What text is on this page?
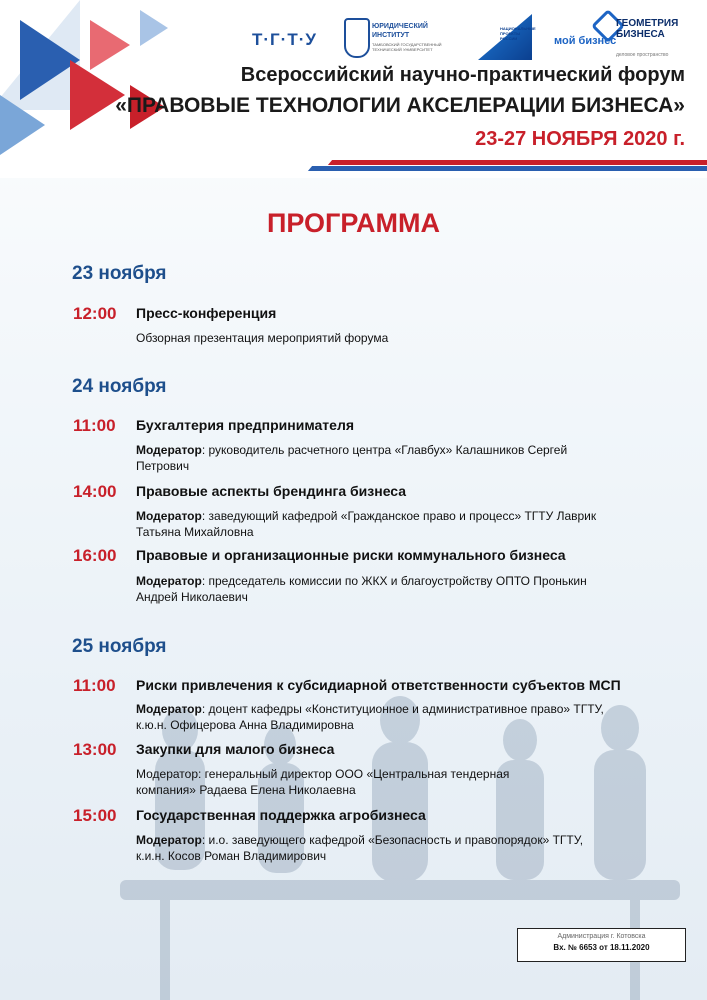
Т·Г·Т·У
ЮРИДИЧЕСКИЙ
ИНСТИТУТ
ТАМБОВСКИЙ ГОСУДАРСТВЕННЫЙ ТЕХНИЧЕСКИЙ УНИВЕРСИТЕТ
НАЦИОНАЛЬНЫЕ ПРОЕКТЫ РОССИИ	мой бизнес
ГЕОМЕТРИЯ
БИЗНЕСА
деловое пространство
Всероссийский научно-практический форум
«ПРАВОВЫЕ ТЕХНОЛОГИИ АКСЕЛЕРАЦИИ БИЗНЕСА»
23-27 НОЯБРЯ 2020 г.
ПРОГРАММА
23 ноября
12:00 Пресс-конференция
Обзорная презентация мероприятий форума
24 ноября
11:00 Бухгалтерия предпринимателя
Модератор: руководитель расчетного центра «Главбух» Калашников Сергей
Петрович
14:00 Правовые аспекты брендинга бизнеса
Модератор: заведующий кафедрой «Гражданское право и процесс» ТГТУ Лаврик
Татьяна Михайловна
16:00 Правовые и организационные риски коммунального бизнеса
Модератор: председатель комиссии по ЖКХ и благоустройству ОПТО Пронькин
Андрей Николаевич
25 ноября
11:00 Риски привлечения к субсидиарной ответственности субъектов МСП
Модератор: доцент кафедры «Конституционное и административное право» ТГТУ,
к.ю.н. Офицерова Анна Владимировна
13:00 Закупки для малого бизнеса
Модератор: генеральный директор ООО «Центральная тендерная
компания» Радаева Елена Николаевна
15:00 Государственная поддержка агробизнеса
Модератор: и.о. заведующего кафедрой «Безопасность и правопорядок» ТГТУ,
к.и.н. Косов Роман Владимирович
Администрация г. Котовска
Вх. № 6653 от 18.11.2020
